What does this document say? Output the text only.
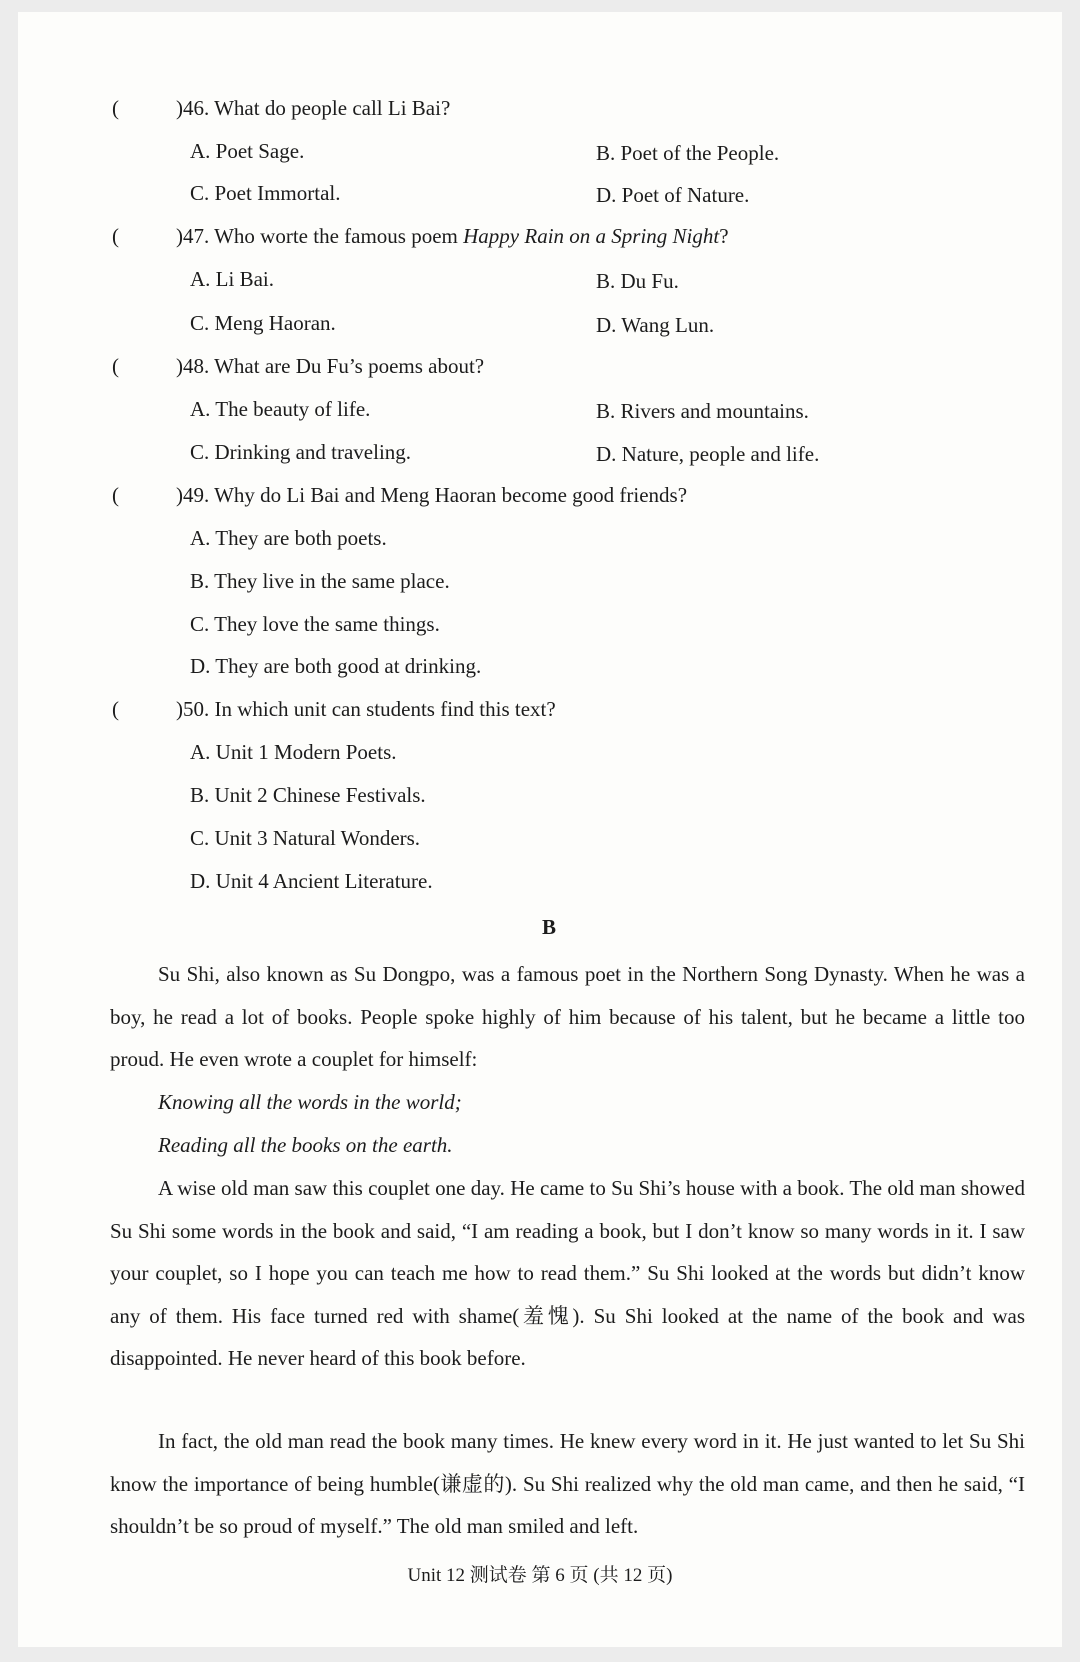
(	)46. What do people call Li Bai?
A. Poet Sage.	B. Poet of the People.
C. Poet Immortal.	D. Poet of Nature.
(	)47. Who worte the famous poem Happy Rain on a Spring Night?
A. Li Bai.	B. Du Fu.
C. Meng Haoran.	D. Wang Lun.
(	)48. What are Du Fu’s poems about?
A. The beauty of life.	B. Rivers and mountains.
C. Drinking and traveling.	D. Nature, people and life.
(	)49. Why do Li Bai and Meng Haoran become good friends?
A. They are both poets.
B. They live in the same place.
C. They love the same things.
D. They are both good at drinking.
(	)50. In which unit can students find this text?
A. Unit 1 Modern Poets.
B. Unit 2 Chinese Festivals.
C. Unit 3 Natural Wonders.
D. Unit 4 Ancient Literature.
B
Su Shi, also known as Su Dongpo, was a famous poet in the Northern Song Dynasty. When he was a boy, he read a lot of books. People spoke highly of him because of his talent, but he became a little too proud. He even wrote a couplet for himself:
Knowing all the words in the world;
Reading all the books on the earth.
A wise old man saw this couplet one day. He came to Su Shi’s house with a book. The old man showed Su Shi some words in the book and said, “I am reading a book, but I don’t know so many words in it. I saw your couplet, so I hope you can teach me how to read them.” Su Shi looked at the words but didn’t know any of them. His face turned red with shame(羞愧). Su Shi looked at the name of the book and was disappointed. He never heard of this book before.
In fact, the old man read the book many times. He knew every word in it. He just wanted to let Su Shi know the importance of being humble(谦虚的). Su Shi realized why the old man came, and then he said, “I shouldn’t be so proud of myself.” The old man smiled and left.
Unit 12 测试卷 第 6 页 (共 12 页)
